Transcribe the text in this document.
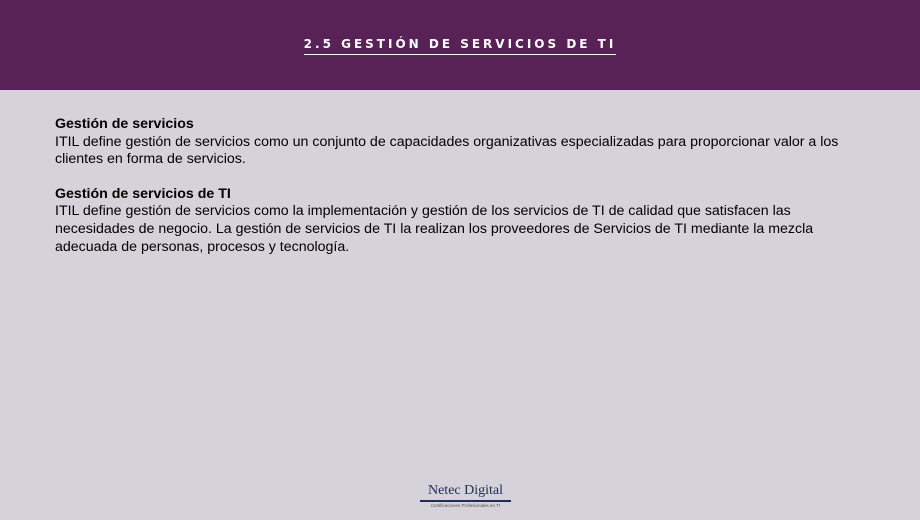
2.5 GESTIÓN DE SERVICIOS DE TI
Gestión de servicios
ITIL define gestión de servicios como un conjunto de capacidades organizativas especializadas para proporcionar valor a los clientes en forma de servicios.
Gestión de servicios de TI
ITIL define gestión de servicios como la implementación y gestión de los servicios de TI de calidad que satisfacen las necesidades de negocio. La gestión de servicios de TI la realizan los proveedores de Servicios de TI mediante la mezcla adecuada de personas, procesos y tecnología.
Netec Digital
Certificaciones Profesionales en TI
